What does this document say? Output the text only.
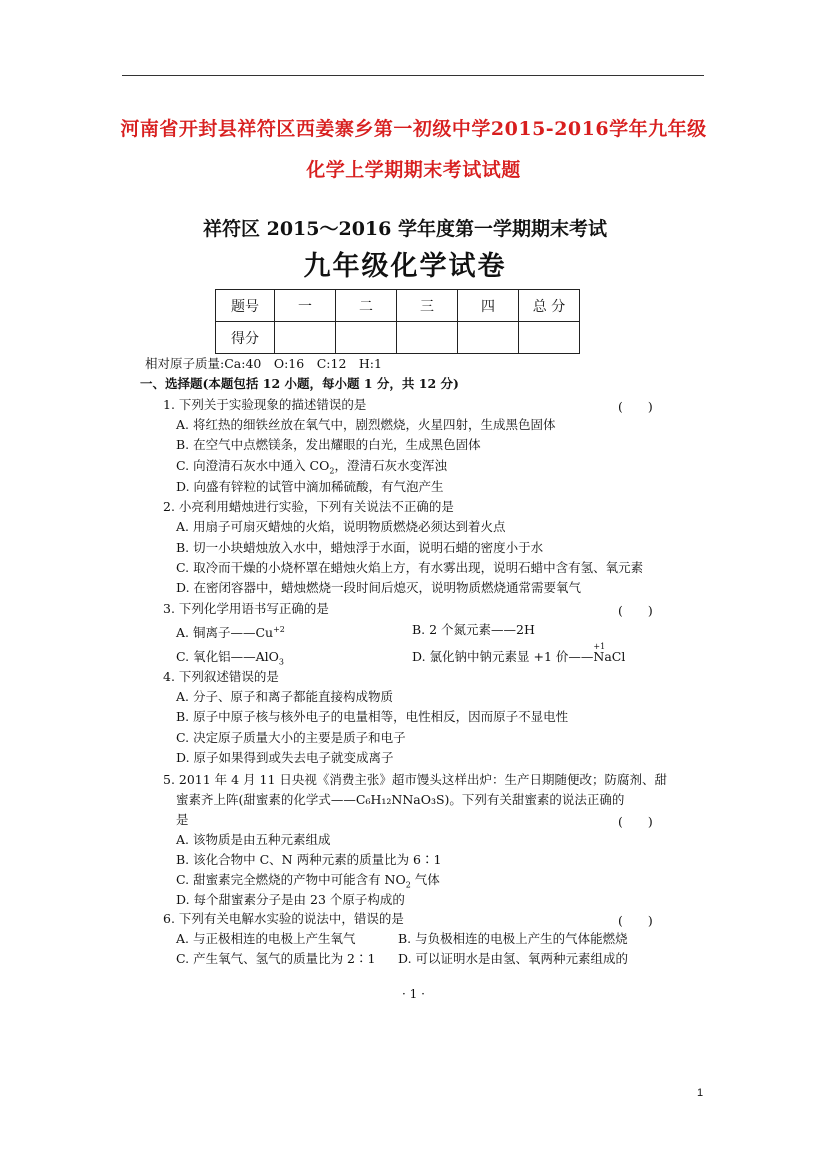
河南省开封县祥符区西姜寨乡第一初级中学2015-2016学年九年级
化学上学期期末考试试题
祥符区 2015～2016 学年度第一学期期末考试
九年级化学试卷
题号	一	二	三	四	总 分
得分					
相对原子质量:Ca:40　O:16　C:12　H:1
一、选择题(本题包括 12 小题，每小题 1 分，共 12 分)
1. 下列关于实验现象的描述错误的是	(　　)
A. 将红热的细铁丝放在氧气中，剧烈燃烧，火星四射，生成黑色固体
B. 在空气中点燃镁条，发出耀眼的白光，生成黑色固体
C. 向澄清石灰水中通入 $CO_2$，澄清石灰水变浑浊
D. 向盛有锌粒的试管中滴加稀硫酸，有气泡产生
2. 小亮利用蜡烛进行实验，下列有关说法不正确的是
A. 用扇子可扇灭蜡烛的火焰，说明物质燃烧必须达到着火点
B. 切一小块蜡烛放入水中，蜡烛浮于水面，说明石蜡的密度小于水
C. 取冷而干燥的小烧杯罩在蜡烛火焰上方，有水雾出现，说明石蜡中含有氢、氧元素
D. 在密闭容器中，蜡烛燃烧一段时间后熄灭，说明物质燃烧通常需要氧气
3. 下列化学用语书写正确的是	(　　)
A. 铜离子$——Cu^{+2}$	B. 2 个氮元素——2H
C. 氧化铝——AlO$_3$	D. 氯化钠中钠元素显 +1 价——
+1
NaCl
4. 下列叙述错误的是
A. 分子、原子和离子都能直接构成物质
B. 原子中原子核与核外电子的电量相等，电性相反，因而原子不显电性
C. 决定原子质量大小的主要是质子和电子
D. 原子如果得到或失去电子就变成离子
5. 2011 年 4 月 11 日央视《消费主张》超市馒头这样出炉：生产日期随便改；防腐剂、甜
蜜素齐上阵(甜蜜素的化学式——C₆H₁₂NNaO₃S)。下列有关甜蜜素的说法正确的
是	(　　)
A. 该物质是由五种元素组成
B. 该化合物中 C、N 两种元素的质量比为 6∶1
C. 甜蜜素完全燃烧的产物中可能含有 $NO_2$ 气体
D. 每个甜蜜素分子是由 23 个原子构成的
6. 下列有关电解水实验的说法中，错误的是	(　　)
A. 与正极相连的电极上产生氧气	B. 与负极相连的电极上产生的气体能燃烧
C. 产生氧气、氢气的质量比为 2∶1 D. 可以证明水是由氢、氧两种元素组成的
· 1 ·
1
